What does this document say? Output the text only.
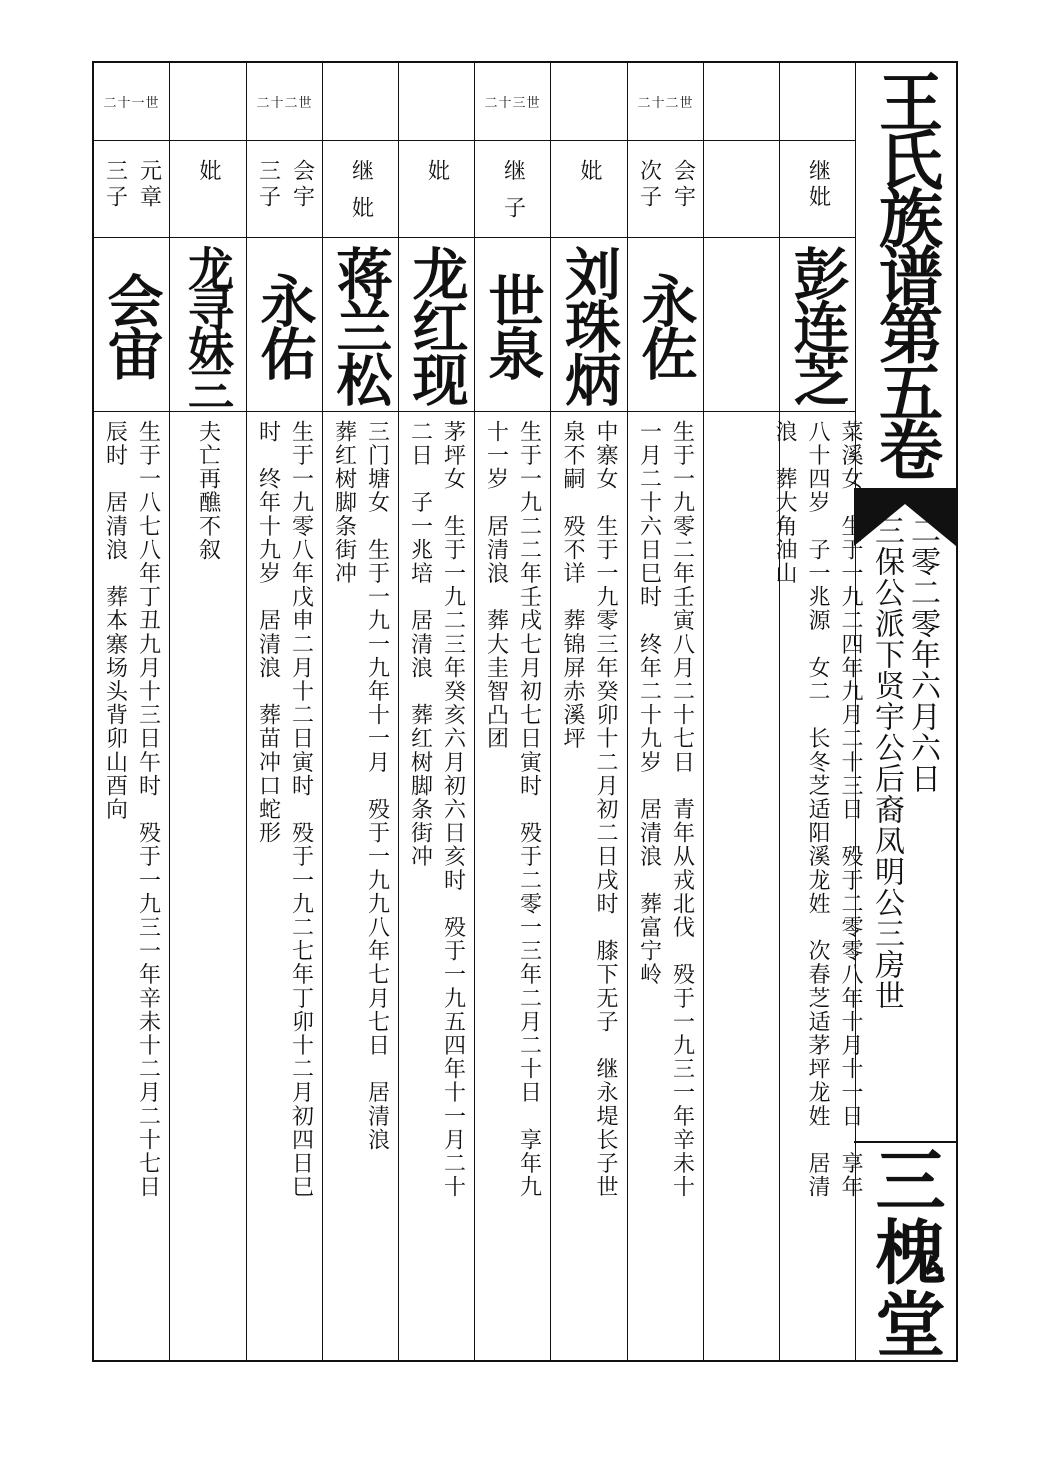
王氏族谱第五卷
三保公派下贤宇公后裔凤明公三房世 二零二零年六月六日
三槐堂
继妣
彭连芝
菜溪女　生于一九二四年九月二十三日　殁于二零零八年十月十一日　享年
八十四岁　子一兆源　女二　长冬芝适阳溪龙姓　次春芝适茅坪龙姓　居清
浪　葬大角油山
二十二世
会宇 次子
永佐
生于一九零二年壬寅八月二十七日　青年从戎北伐　殁于一九三一年辛未十
一月二十六日巳时　终年二十九岁　居清浪　葬富宁岭
妣
刘珠炳
中寨女　生于一九零三年癸卯十二月初二日戌时　膝下无子　继永堤长子世
泉不嗣　殁不详　葬锦屏赤溪坪
二十三世
继 子
世泉
生于一九二二年壬戌七月初七日寅时　殁于二零一三年二月二十日　享年九
十一岁　居清浪　葬大圭智凸团
妣
龙红现
茅坪女　生于一九二三年癸亥六月初六日亥时　殁于一九五四年十一月二十
二日　子一兆培　居清浪　葬红树脚条街冲
继 妣
蒋兰松
三门塘女　生于一九一九年十一月　殁于一九九八年七月七日　居清浪
葬红树脚条街冲
二十二世
会宇 三子
永佑
生于一九零八年戊申二月十二日寅时　殁于一九二七年丁卯十二月初四日巳
时　终年十九岁　居清浪　葬苗冲口蛇形
妣
龙寻妹三
夫亡再醮不叙
二十一世
元章 三子
会宙
生于一八七八年丁丑九月十三日午时　殁于一九三一年辛未十二月二十七日
辰时　居清浪　葬本寨场头背卯山酉向
